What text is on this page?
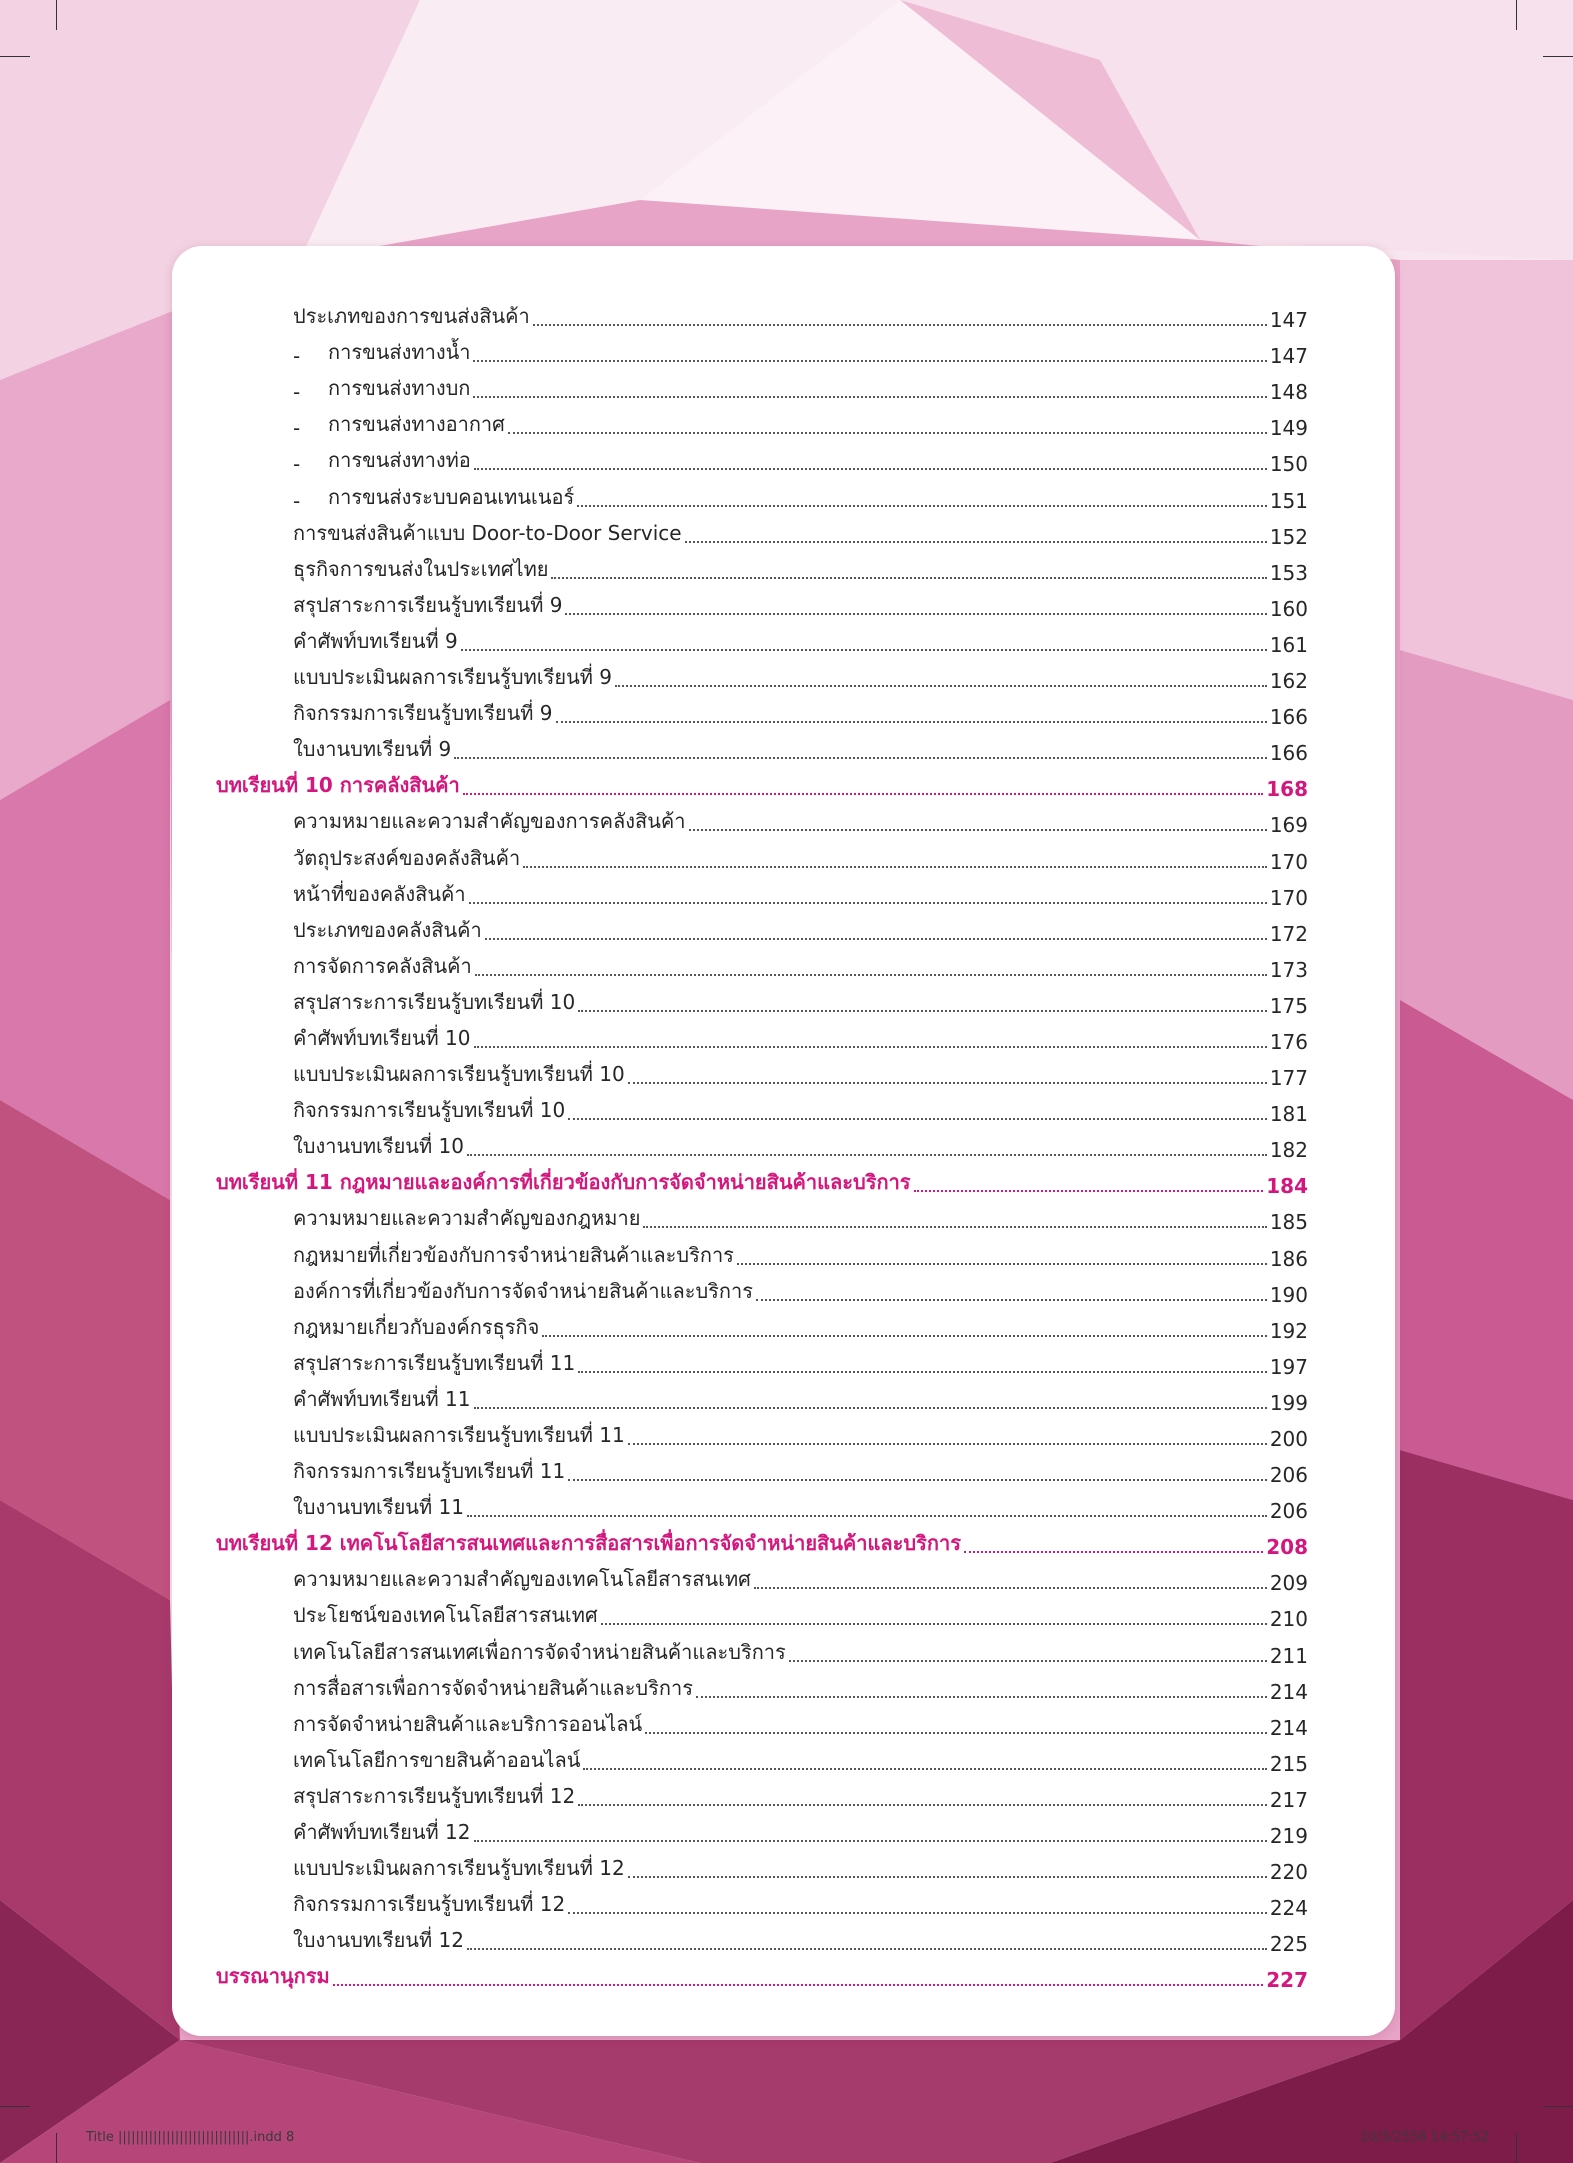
ประเภทของการขนส่งสินค้า	147
-	การขนส่งทางน้ำ	147
-	การขนส่งทางบก	148
-	การขนส่งทางอากาศ	149
-	การขนส่งทางท่อ	150
-	การขนส่งระบบคอนเทนเนอร์	151
การขนส่งสินค้าแบบ Door-to-Door Service	152
ธุรกิจการขนส่งในประเทศไทย	153
สรุปสาระการเรียนรู้บทเรียนที่ 9	160
คำศัพท์บทเรียนที่ 9	161
แบบประเมินผลการเรียนรู้บทเรียนที่ 9	162
กิจกรรมการเรียนรู้บทเรียนที่ 9	166
ใบงานบทเรียนที่ 9	166
บทเรียนที่ 10 การคลังสินค้า	168
ความหมายและความสำคัญของการคลังสินค้า	169
วัตถุประสงค์ของคลังสินค้า	170
หน้าที่ของคลังสินค้า	170
ประเภทของคลังสินค้า	172
การจัดการคลังสินค้า	173
สรุปสาระการเรียนรู้บทเรียนที่ 10	175
คำศัพท์บทเรียนที่ 10	176
แบบประเมินผลการเรียนรู้บทเรียนที่ 10	177
กิจกรรมการเรียนรู้บทเรียนที่ 10	181
ใบงานบทเรียนที่ 10	182
บทเรียนที่ 11 กฎหมายและองค์การที่เกี่ยวข้องกับการจัดจำหน่ายสินค้าและบริการ	184
ความหมายและความสำคัญของกฎหมาย	185
กฎหมายที่เกี่ยวข้องกับการจำหน่ายสินค้าและบริการ	186
องค์การที่เกี่ยวข้องกับการจัดจำหน่ายสินค้าและบริการ	190
กฎหมายเกี่ยวกับองค์กรธุรกิจ	192
สรุปสาระการเรียนรู้บทเรียนที่ 11	197
คำศัพท์บทเรียนที่ 11	199
แบบประเมินผลการเรียนรู้บทเรียนที่ 11	200
กิจกรรมการเรียนรู้บทเรียนที่ 11	206
ใบงานบทเรียนที่ 11	206
บทเรียนที่ 12 เทคโนโลยีสารสนเทศและการสื่อสารเพื่อการจัดจำหน่ายสินค้าและบริการ	208
ความหมายและความสำคัญของเทคโนโลยีสารสนเทศ	209
ประโยชน์ของเทคโนโลยีสารสนเทศ	210
เทคโนโลยีสารสนเทศเพื่อการจัดจำหน่ายสินค้าและบริการ	211
การสื่อสารเพื่อการจัดจำหน่ายสินค้าและบริการ	214
การจัดจำหน่ายสินค้าและบริการออนไลน์	214
เทคโนโลยีการขายสินค้าออนไลน์	215
สรุปสาระการเรียนรู้บทเรียนที่ 12	217
คำศัพท์บทเรียนที่ 12	219
แบบประเมินผลการเรียนรู้บทเรียนที่ 12	220
กิจกรรมการเรียนรู้บทเรียนที่ 12	224
ใบงานบทเรียนที่ 12	225
บรรณานุกรม	227
Title ||||||||||||||||||||||||||||||.indd 8	10/3/2558 14:57:52
